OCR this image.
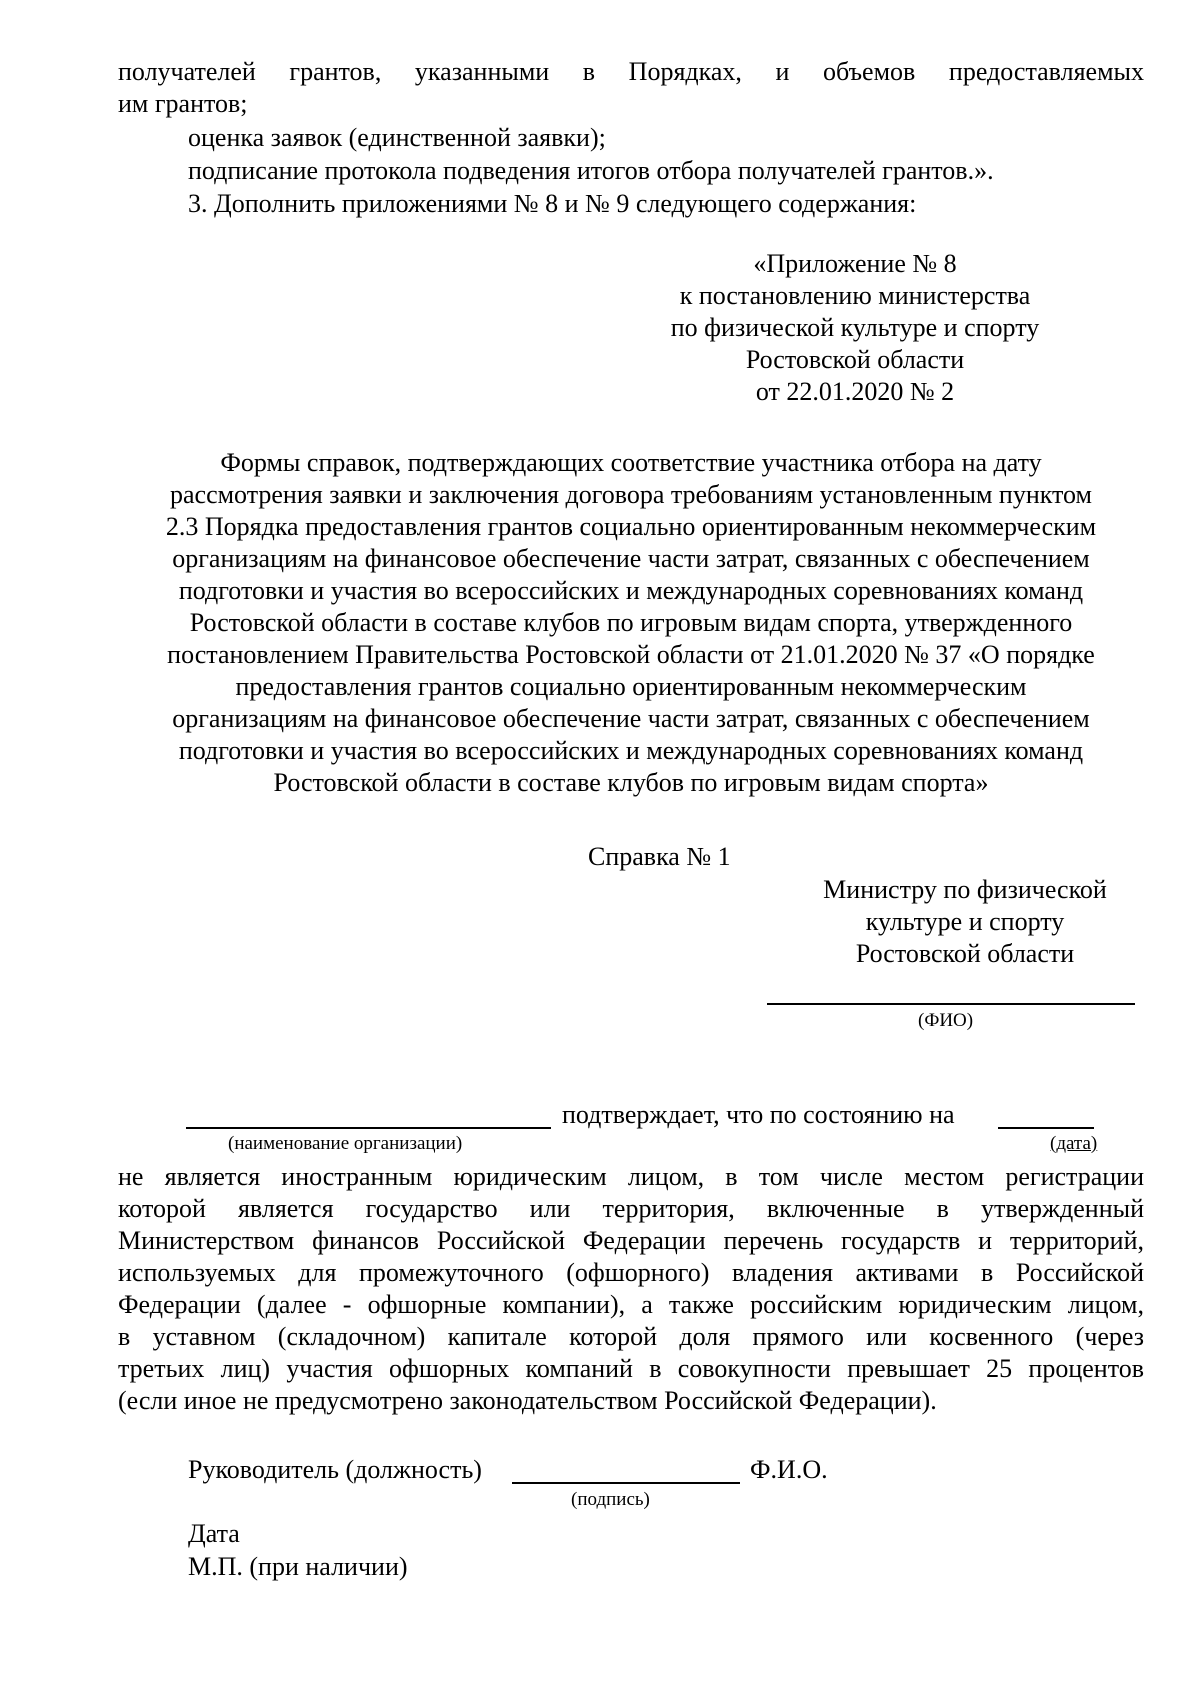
получателей грантов, указанными в Порядках, и объемов предоставляемых
им грантов;
оценка заявок (единственной заявки);
подписание протокола подведения итогов отбора получателей грантов.».
3. Дополнить приложениями № 8 и № 9 следующего содержания:
«Приложение № 8
к постановлению министерства
по физической культуре и спорту
Ростовской области
от 22.01.2020 № 2
Формы справок, подтверждающих соответствие участника отбора на дату
рассмотрения заявки и заключения договора требованиям установленным пунктом
2.3 Порядка предоставления грантов социально ориентированным некоммерческим
организациям на финансовое обеспечение части затрат, связанных с обеспечением
подготовки и участия во всероссийских и международных соревнованиях команд
Ростовской области в составе клубов по игровым видам спорта, утвержденного
постановлением Правительства Ростовской области от 21.01.2020 № 37 «О порядке
предоставления грантов социально ориентированным некоммерческим
организациям на финансовое обеспечение части затрат, связанных с обеспечением
подготовки и участия во всероссийских и международных соревнованиях команд
Ростовской области в составе клубов по игровым видам спорта»
Справка № 1
Министру по физической
культуре и спорту
Ростовской области
(ФИО)
подтверждает, что по состоянию на
(наименование организации)	(дата)
не является иностранным юридическим лицом, в том числе местом регистрации
которой является государство или территория, включенные в утвержденный
Министерством финансов Российской Федерации перечень государств и территорий,
используемых для промежуточного (офшорного) владения активами в Российской
Федерации (далее - офшорные компании), а также российским юридическим лицом,
в уставном (складочном) капитале которой доля прямого или косвенного (через
третьих лиц) участия офшорных компаний в совокупности превышает 25 процентов
(если иное не предусмотрено законодательством Российской Федерации).
Руководитель (должность)	Ф.И.О.
(подпись)
Дата
М.П. (при наличии)
